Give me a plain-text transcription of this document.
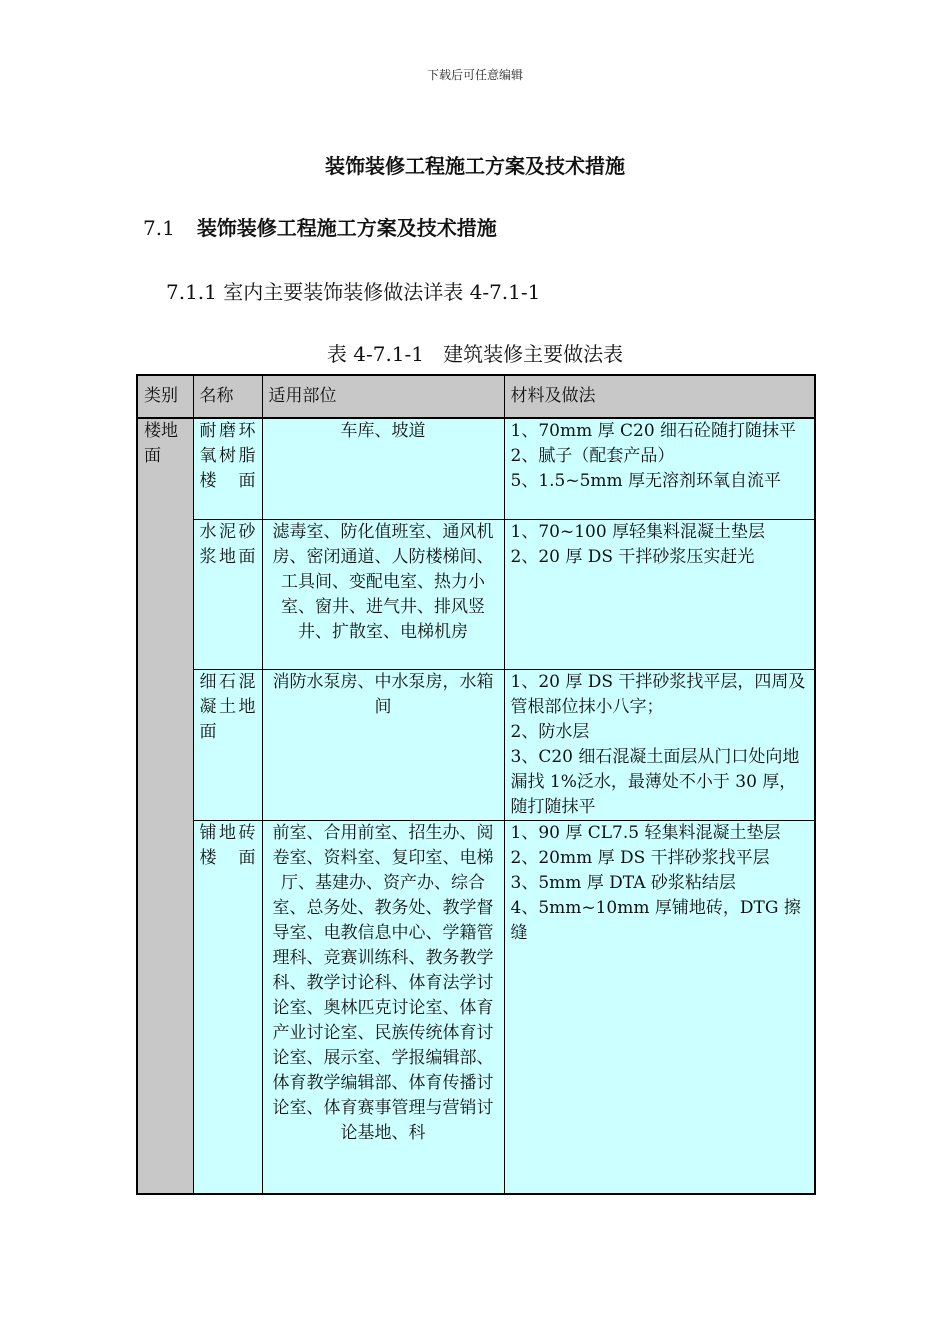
下载后可任意编辑
装饰装修工程施工方案及技术措施
7.1 装饰装修工程施工方案及技术措施
7.1.1 室内主要装饰装修做法详表 4-7.1-1
表 4-7.1-1   建筑装修主要做法表
类别	名称	适用部位	材料及做法
楼地面	耐磨环氧树脂楼面	车库、坡道	1、70mm 厚 C20 细石砼随打随抹平
2、腻子（配套产品）
5、1.5~5mm 厚无溶剂环氧自流平

	水泥砂浆地面	滤毒室、防化值班室、通风机房、密闭通道、人防楼梯间、工具间、变配电室、热力小室、窗井、进气井、排风竖井、扩散室、电梯机房	1、70~100 厚轻集料混凝土垫层
2、20 厚 DS 干拌砂浆压实赶光

	细石混凝土地面	消防水泵房、中水泵房，水箱间	1、20 厚 DS 干拌砂浆找平层，四周及管根部位抹小八字；
2、防水层
3、C20 细石混凝土面层从门口处向地漏找 1%泛水，最薄处不小于 30 厚，随打随抹平

	铺地砖楼面	前室、合用前室、招生办、阅卷室、资料室、复印室、电梯厅、基建办、资产办、综合室、总务处、教务处、教学督导室、电教信息中心、学籍管理科、竞赛训练科、教务教学科、教学讨论科、体育法学讨论室、奥林匹克讨论室、体育产业讨论室、民族传统体育讨论室、展示室、学报编辑部、体育教学编辑部、体育传播讨论室、体育赛事管理与营销讨论基地、科	1、90 厚 CL7.5 轻集料混凝土垫层
2、20mm 厚 DS 干拌砂浆找平层
3、5mm 厚 DTA 砂浆粘结层
4、5mm~10mm 厚铺地砖，DTG 擦缝
